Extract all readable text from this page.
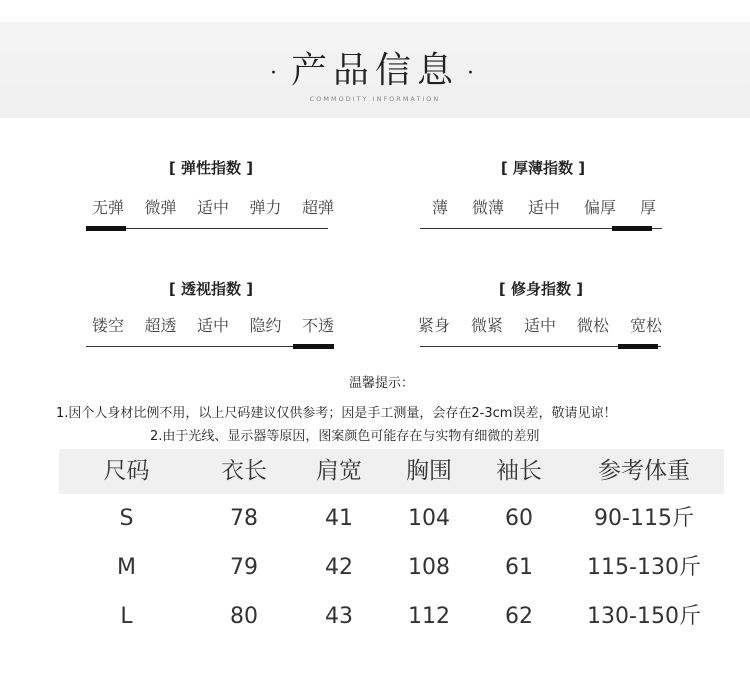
· 产品信息 ·
COMMODITY INFORMATION
[ 弹性指数 ]
无弹 微弹 适中 弹力 超弹
[ 厚薄指数 ]
薄 微薄 适中 偏厚 厚
[ 透视指数 ]
镂空 超透 适中 隐约 不透
[ 修身指数 ]
紧身 微紧 适中 微松 宽松
温馨提示：
1.因个人身材比例不用，以上尺码建议仅供参考；因是手工测量，会存在2-3cm误差，敬请见谅！
2.由于光线、显示器等原因，图案颜色可能存在与实物有细微的差别
尺码	衣长	肩宽	胸围	袖长	参考体重
S	78	41	104	60	90-115斤
M	79	42	108	61	115-130斤
L	80	43	112	62	130-150斤
